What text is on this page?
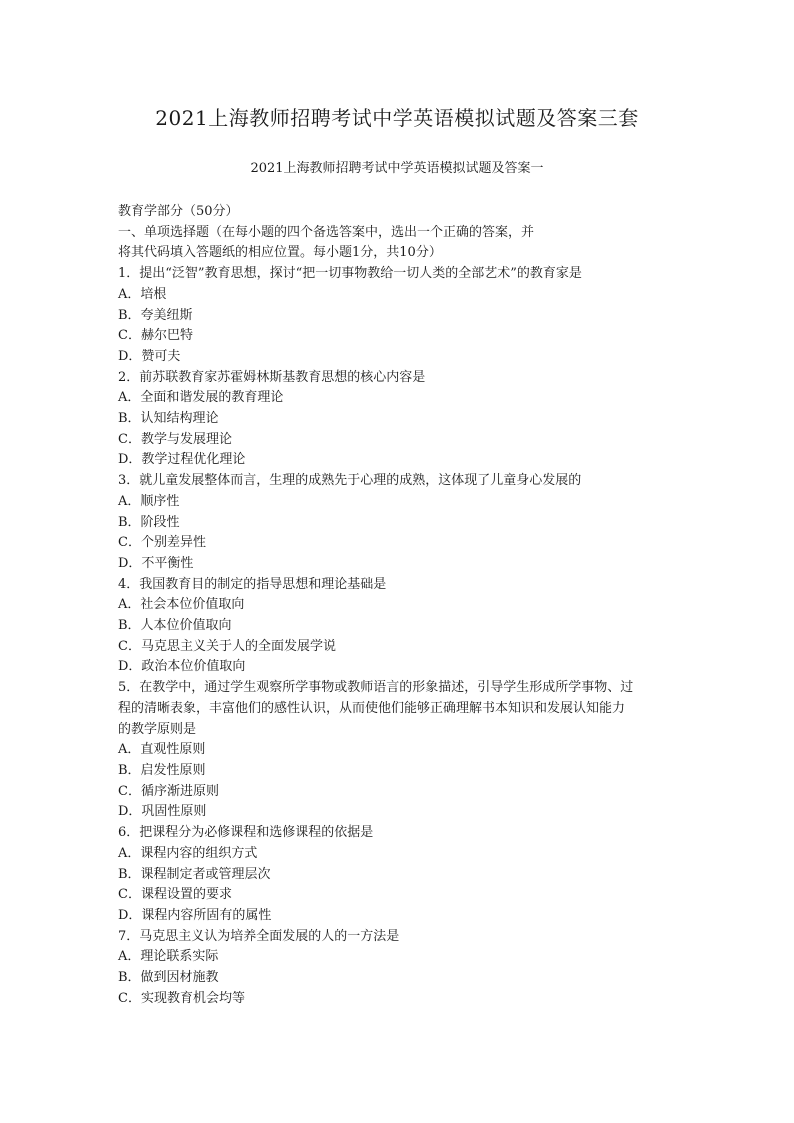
2021上海教师招聘考试中学英语模拟试题及答案三套
2021上海教师招聘考试中学英语模拟试题及答案一
教育学部分（50分）
一、单项选择题（在每小题的四个备选答案中，选出一个正确的答案，并
将其代码填入答题纸的相应位置。每小题1分，共10分）
1．提出“泛智”教育思想，探讨“把一切事物教给一切人类的全部艺术”的教育家是
A．培根
B．夸美纽斯
C．赫尔巴特
D．赞可夫
2．前苏联教育家苏霍姆林斯基教育思想的核心内容是
A．全面和谐发展的教育理论
B．认知结构理论
C．教学与发展理论
D．教学过程优化理论
3．就儿童发展整体而言，生理的成熟先于心理的成熟，这体现了儿童身心发展的
A．顺序性
B．阶段性
C．个别差异性
D．不平衡性
4．我国教育目的制定的指导思想和理论基础是
A．社会本位价值取向
B．人本位价值取向
C．马克思主义关于人的全面发展学说
D．政治本位价值取向
5．在教学中，通过学生观察所学事物或教师语言的形象描述，引导学生形成所学事物、过
程的清晰表象，丰富他们的感性认识，从而使他们能够正确理解书本知识和发展认知能力
的教学原则是
A．直观性原则
B．启发性原则
C．循序渐进原则
D．巩固性原则
6．把课程分为必修课程和选修课程的依据是
A．课程内容的组织方式
B．课程制定者或管理层次
C．课程设置的要求
D．课程内容所固有的属性
7．马克思主义认为培养全面发展的人的一方法是
A．理论联系实际
B．做到因材施教
C．实现教育机会均等
